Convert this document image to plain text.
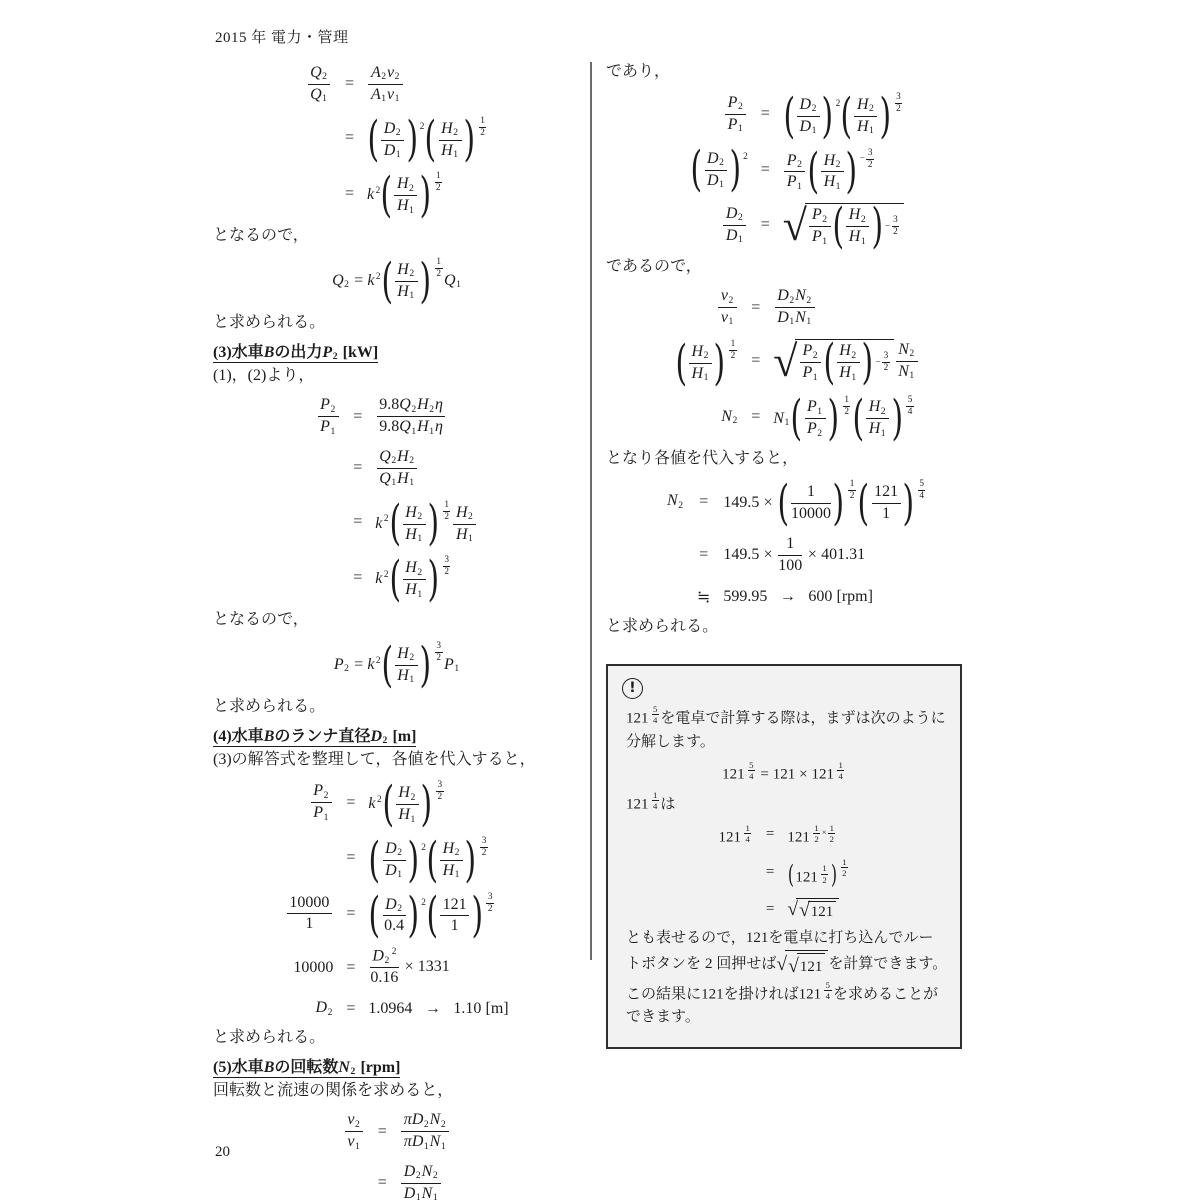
2015 年 電力・管理
$\frac{Q2}{Q1} = \frac{A2v2}{A1v1}$
= ( $\frac{D2}{D1}$ ) $^2$ ( $\frac{H2}{H1}$ ) $^{\frac{1}{2}}$
= k $^2$ ( $\frac{H2}{H1}$ ) $^{\frac{1}{2}}$
となるので，
Q2 = k $^2$ ( $\frac{H2}{H1}$ ) $^{\frac{1}{2}}$
Q1
と求められる。
(3)水車Bの出力P2 [kW]
(1)，(2)より，
$\frac{P2}{P1} = \frac{9.8Q2H2\eta}{9.8Q1H1\eta}$
= $\frac{Q2H2}{Q1H1}$
= k $^2$ ( $\frac{H2}{H1}$ ) $^{\frac{1}{2}} \frac{H2}{H1}$
= k $^2$ ( $\frac{H2}{H1}$ ) $^{\frac{3}{2}}$
となるので，
P2 = k $^2$ ( $\frac{H2}{H1}$ ) $^{\frac{3}{2}}$
P1
と求められる。
(4)水車Bのランナ直径D2 [m]
(3)の解答式を整理して，各値を代入すると，
$\frac{P2}{P1} = k$ $^2$ ( $\frac{H2}{H1}$ ) $^{\frac{3}{2}}$
= ( $\frac{D2}{D1}$ ) $^2$ ( $\frac{H2}{H1}$ ) $^{\frac{3}{2}}$
$\frac{10000}{1}$ = ( $\frac{D2}{0.4}$ ) $^2$ ( $\frac{121}{1}$ ) $^{\frac{3}{2}}$
$10000 = \frac{D2^2}{0.16} \times 1331$
D2 = 1.0964 → 1.10 [m]
と求められる。
(5)水車Bの回転数N2 [rpm]
回転数と流速の関係を求めると，
$\frac{v2}{v1} = \frac{\pi D2N2}{\pi D1N1}$
= $\frac{D2N2}{D1N1}$
であり，
$\frac{P2}{P1}$ = ( $\frac{D2}{D1}$ ) $^2$ ( $\frac{H2}{H1}$ ) $^{\frac{3}{2}}$
( $\frac{D2}{D1}$ ) $^2$
= $\frac{P2}{P1}$ ( $\frac{H2}{H1}$ ) $^{- \frac{3}{2}}$
$\frac{D2}{D1}$ = √ P2
P1 ( $\frac{H2}{H1}$ ) − $\frac{3}{2}$
であるので，
$\frac{v2}{v1} = \frac{D2N2}{D1N1}$
( $\frac{H2}{H1}$ ) $^{\frac{1}{2}}$ = √ P2
P1 ( $\frac{H2}{H1}$ ) − $\frac{3}{2} \frac{N2}{N1}$
N2 = N1 ( $\frac{P1}{P2}$ ) $^{\frac{1}{2}}$ ( $\frac{H2}{H1}$ ) $^{\frac{5}{4}}$
となり各値を代入すると，
N2 = 149.5 × ( $\frac{1}{10000}$ ) $^{\frac{1}{2}}$ ( $\frac{121}{1}$ ) $^{\frac{5}{4}}$
= $149.5 \times \frac{1}{100} \times 401.31$
≒ 599.95 → 600 [rpm]
と求められる。
!
121 $^{\frac{5}{4}}$ を電卓で計算する際は，まずは次のように分解します。
121 $^{\frac{5}{4}}$ = 121 × 121 $^{\frac{1}{4}}$
121 $^{\frac{1}{4}}$ は
121 $^{\frac{1}{4}}$ = 121 $^{\frac{1}{2} \times \frac{1}{2}}$
= ( 121 $^{\frac{1}{2}}$ ) $^{\frac{1}{2}}$
= √ √ 1 2 1
とも表せるので，121を電卓に打ち込んでルートボタンを 2 回押せば √ √ 1 2 1 を計算できます。この結果に121を掛ければ121 $^{\frac{5}{4}}$ を求めることができます。
20
